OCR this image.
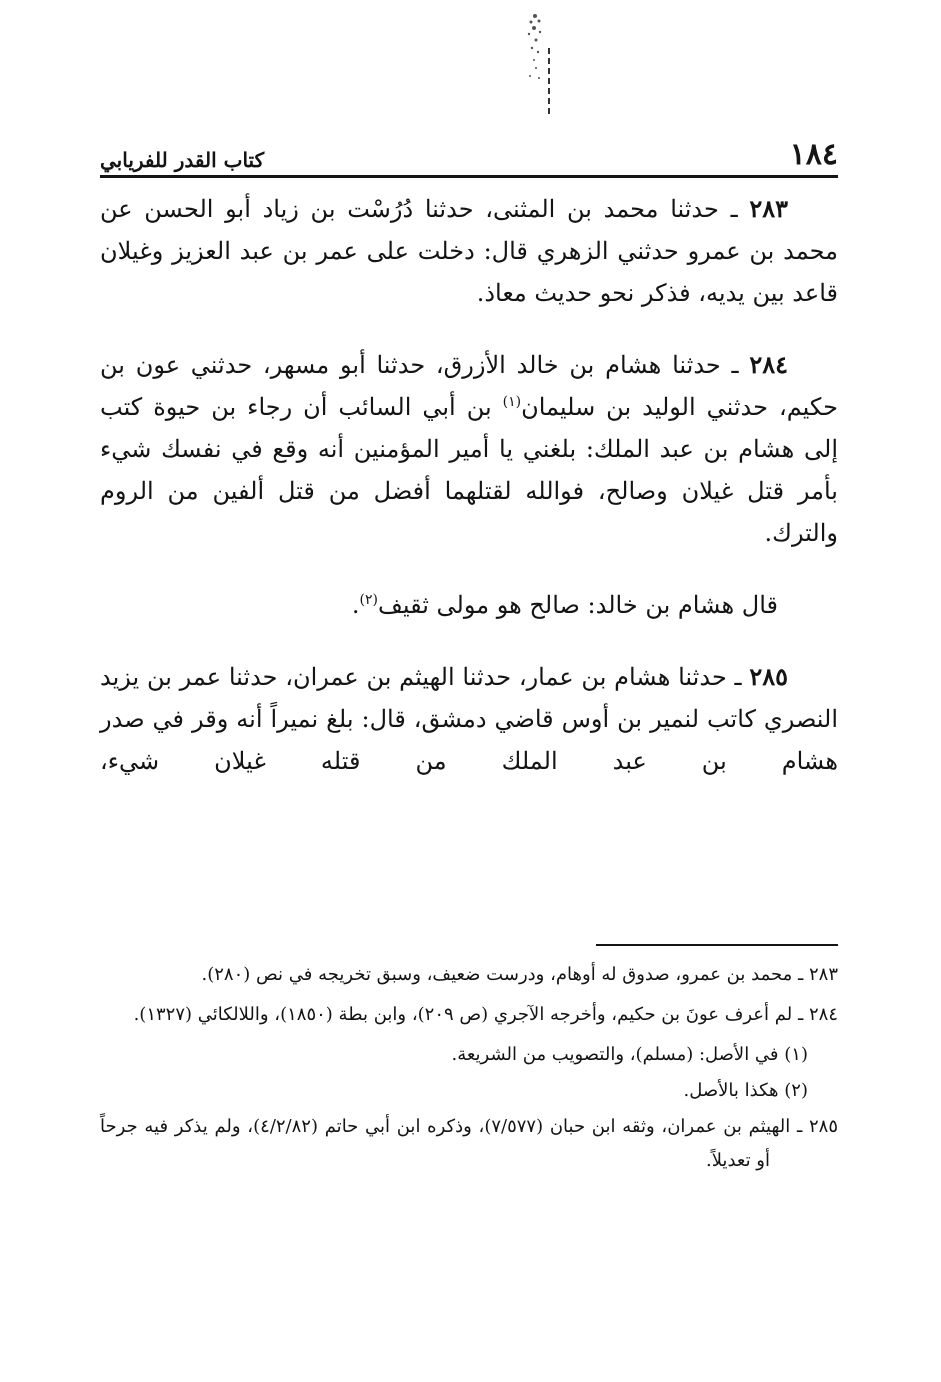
١٨٤
كتاب القدر للفريابي

٢٨٣ ـ حدثنا محمد بن المثنى، حدثنا دُرُسْت بن زياد أبو الحسن عن محمد بن عمرو حدثني الزهري قال: دخلت على عمر بن عبد العزيز وغيلان قاعد بين يديه، فذكر نحو حديث معاذ.

٢٨٤ ـ حدثنا هشام بن خالد الأزرق، حدثنا أبو مسهر، حدثني عون بن حكيم، حدثني الوليد بن سليمان$^{(١)}$ بن أبي السائب أن رجاء بن حيوة كتب إلى هشام بن عبد الملك: بلغني يا أمير المؤمنين أنه وقع في نفسك شيء بأمر قتل غيلان وصالح، فوالله لقتلهما أفضل من قتل ألفين من الروم والترك.

قال هشام بن خالد: صالح هو مولى ثقيف$^{(٢)}$.

٢٨٥ ـ حدثنا هشام بن عمار، حدثنا الهيثم بن عمران، حدثنا عمر بن يزيد النصري كاتب لنمير بن أوس قاضي دمشق، قال: بلغ نميراً أنه وقر في صدر هشام بن عبد الملك من قتله غيلان شيء،

٢٨٣ ـ محمد بن عمرو، صدوق له أوهام، ودرست ضعيف، وسبق تخريجه في نص (٢٨٠).

٢٨٤ ـ لم أعرف عونَ بن حكيم، وأخرجه الآجري (ص ٢٠٩)، وابن بطة (١٨٥٠)، واللالكائي (١٣٢٧).

(١) في الأصل: (مسلم)، والتصويب من الشريعة.

(٢) هكذا بالأصل.

٢٨٥ ـ الهيثم بن عمران، وثقه ابن حبان (٧/٥٧٧)، وذكره ابن أبي حاتم (٤/٢/٨٢)، ولم يذكر فيه جرحاً أو تعديلاً.
